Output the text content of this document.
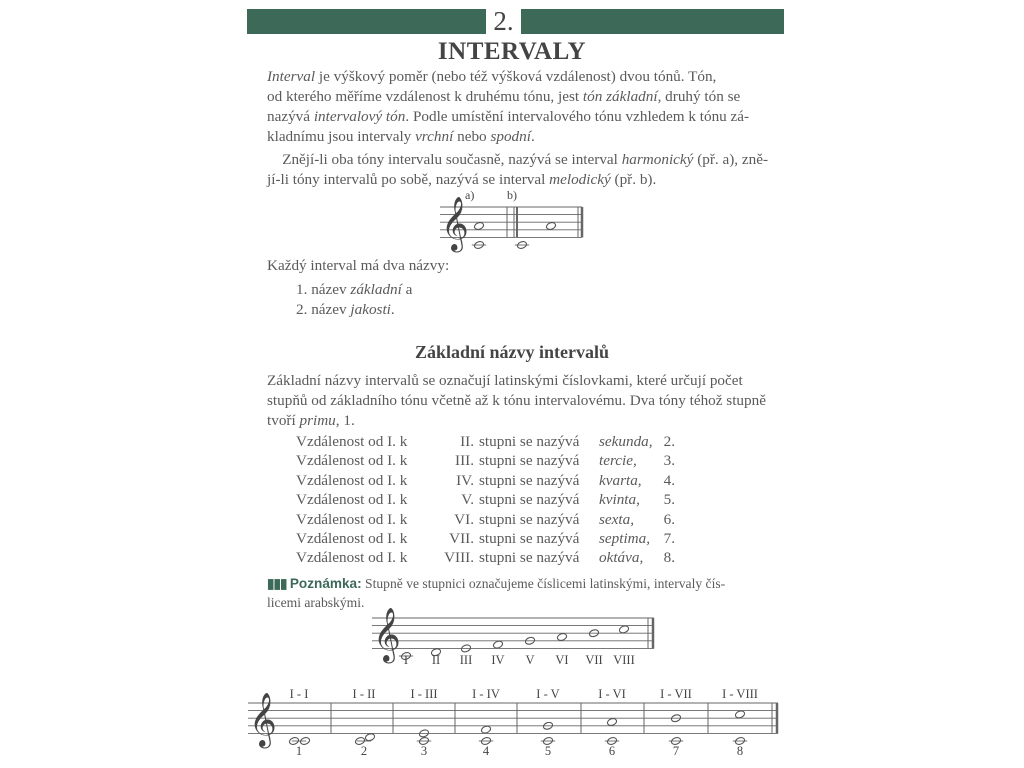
2.
INTERVALY
Interval je výškový poměr (nebo též výšková vzdálenost) dvou tónů. Tón,
od kterého měříme vzdálenost k druhému tónu, jest tón základní, druhý tón se
nazývá intervalový tón. Podle umístění intervalového tónu vzhledem k tónu zá-
kladnímu jsou intervaly vrchní nebo spodní.
 Znějí-li oba tóny intervalu současně, nazývá se interval harmonický (př. a), zně-
jí-li tóny intervalů po sobě, nazývá se interval melodický (př. b).
𝄞
a)	b)
𝄞 I II III IV V VI VII VIII
𝄞 I - I
1
I - II
2
I - III
3
I - IV
4
I - V
5
I - VI
6
I - VII
7
I - VIII
8
Každý interval má dva názvy:
1. název základní a
2. název jakosti.
Základní názvy intervalů
Základní názvy intervalů se označují latinskými číslovkami, které určují počet
stupňů od základního tónu včetně až k tónu intervalovému. Dva tóny téhož stupně
tvoří primu, 1.
Vzdálenost od I. k	II.	stupni se nazývá	sekunda,	2.
Vzdálenost od I. k	III.	stupni se nazývá	tercie,	3.
Vzdálenost od I. k	IV.	stupni se nazývá	kvarta,	4.
Vzdálenost od I. k	V.	stupni se nazývá	kvinta,	5.
Vzdálenost od I. k	VI.	stupni se nazývá	sexta,	6.
Vzdálenost od I. k	VII.	stupni se nazývá	septima,	7.
Vzdálenost od I. k	VIII.	stupni se nazývá	oktáva,	8.
▮▮▮ Poznámka: Stupně ve stupnici označujeme číslicemi latinskými, intervaly čís-
licemi arabskými.
